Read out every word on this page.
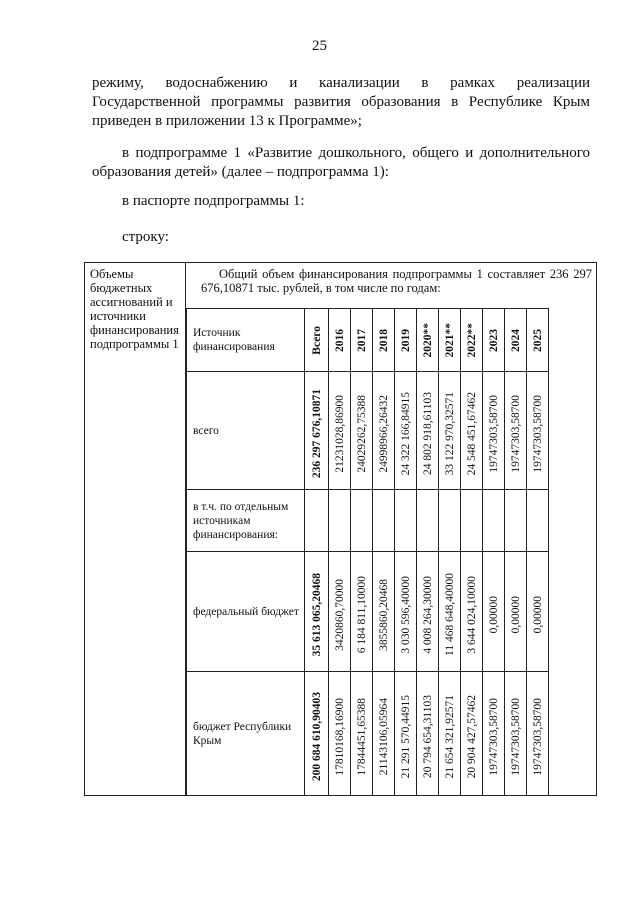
25
режиму, водоснабжению и канализации в рамках реализации Государственной программы развития образования в Республике Крым приведен в приложении 13 к Программе»;
в подпрограмме 1 «Развитие дошкольного, общего и дополнительного образования детей» (далее – подпрограмма 1):
в паспорте подпрограммы 1:
строку:
Объемы бюджетных ассигнований и источники финансирования подпрограммы 1
Общий объем финансирования подпрограммы 1 составляет 236 297 676,10871 тыс. рублей, в том числе по годам:
Источник финансирования	Всего	2016	2017	2018	2019	2020**	2021**	2022**	2023	2024	2025

всего	236 297 676,10871	21231028,86900	24029262,75388	24998966,26432	24 322 166,84915	24 802 918,61103	33 122 970,32571	24 548 451,67462	19747303,58700	19747303,58700	19747303,58700

в т.ч. по отдельным источникам финансирования:	

федеральный бюджет	35 613 065,20468	3420860,70000	6 184 811,10000	3855860,20468	3 030 596,40000	4 008 264,30000	11 468 648,40000	3 644 024,10000	0,00000	0,00000	0,00000

бюджет Республики Крым	200 684 610,90403	17810168,16900	17844451,65388	21143106,05964	21 291 570,44915	20 794 654,31103	21 654 321,92571	20 904 427,57462	19747303,58700	19747303,58700	19747303,58700
